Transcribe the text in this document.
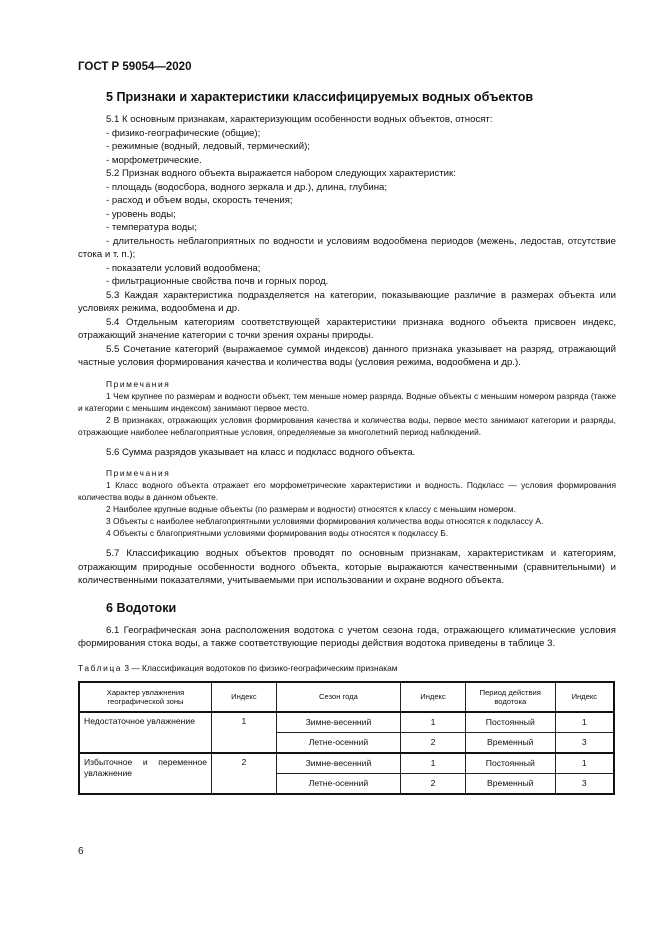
ГОСТ Р 59054—2020
5 Признаки и характеристики классифицируемых водных объектов

5.1 К основным признакам, характеризующим особенности водных объектов, относят:

- физико-географические (общие);

- режимные (водный, ледовый, термический);

- морфометрические.

5.2 Признак водного объекта выражается набором следующих характеристик:

- площадь (водосбора, водного зеркала и др.), длина, глубина;

- расход и объем воды, скорость течения;

- уровень воды;

- температура воды;

- длительность неблагоприятных по водности и условиям водообмена периодов (межень, ледостав, отсутствие стока и т. п.);

- показатели условий водообмена;

- фильтрационные свойства почв и горных пород.

5.3 Каждая характеристика подразделяется на категории, показывающие различие в размерах объекта или условиях режима, водообмена и др.

5.4 Отдельным категориям соответствующей характеристики признака водного объекта присвоен индекс, отражающий значение категории с точки зрения охраны природы.

5.5 Сочетание категорий (выражаемое суммой индексов) данного признака указывает на разряд, отражающий частные условия формирования качества и количества воды (условия режима, водообмена и др.).

Примечания

1 Чем крупнее по размерам и водности объект, тем меньше номер разряда. Водные объекты с меньшим номером разряда (также и категории с меньшим индексом) занимают первое место.

2 В признаках, отражающих условия формирования качества и количества воды, первое место занимают категории и разряды, отражающие наиболее неблагоприятные условия, определяемые за многолетний период наблюдений.

5.6 Сумма разрядов указывает на класс и подкласс водного объекта.

Примечания

1 Класс водного объекта отражает его морфометрические характеристики и водность. Подкласс — условия формирования количества воды в данном объекте.

2 Наиболее крупные водные объекты (по размерам и водности) относятся к классу с меньшим номером.

3 Объекты с наиболее неблагоприятными условиями формирования количества воды относятся к подклассу А.

4 Объекты с благоприятными условиями формирования воды относятся к подклассу Б.

5.7 Классификацию водных объектов проводят по основным признакам, характеристикам и категориям, отражающим природные особенности водного объекта, которые выражаются качественными (сравнительными) и количественными показателями, учитываемыми при использовании и охране водного объекта.

6 Водотоки

6.1 Географическая зона расположения водотока с учетом сезона года, отражающего климатические условия формирования стока воды, а также соответствующие периоды действия водотока приведены в таблице 3.

Таблица 3 — Классификация водотоков по физико-географическим признакам
Характер увлажнения географической зоны	Индекс	Сезон года	Индекс	Период действия водотока	Индекс
Недостаточное увлажнение	1	Зимне-весенний	1	Постоянный	1
		Летне-осенний	2	Временный	3
Избыточное и переменное увлажнение	2	Зимне-весенний	1	Постоянный	1
		Летне-осенний	2	Временный	3
6
